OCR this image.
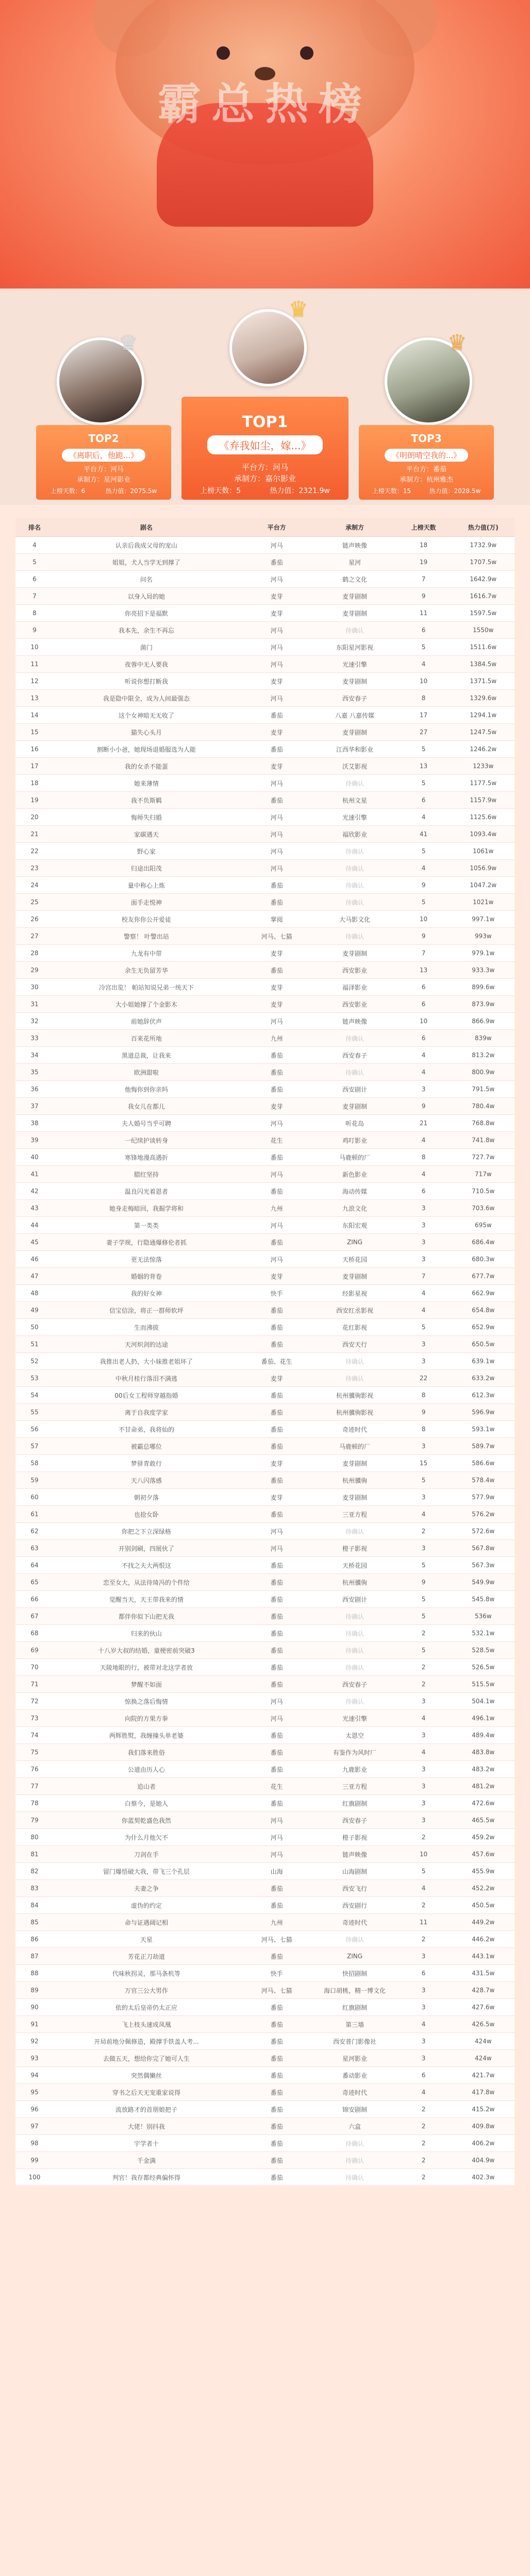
霸总热榜
♛
♛
♛
TOP2
《离职后，他跪...》
平台方：河马
承制方：星河影业
上榜天数：6	热力值：2075.5w
TOP1
《弃我如尘，嫁...》
平台方：河马
承制方：嘉尔影业
上榜天数：5	热力值：2321.9w
TOP3
《明朗晴空我的...》
平台方：番茄
承制方：杭州雅杰
上榜天数：15	热力值：2028.5w
排名	剧名	平台方	承制方	上榜天数	热力值(万)
4	认亲后我成父母的宠山	河马	链声映像	18	1732.9w
5	姐姐，犬人当学无到撑了	番茄	星河	19	1707.5w
6	问名	河马	鹤之文化	7	1642.9w
7	以身入局的她	麦芽	麦芽剧制	9	1616.7w
8	你亮招下是福默	麦芽	麦芽剧制	11	1597.5w
9	我本先，余生不再忘	河马	待确认	6	1550w
10	菌门	河马	东阳星河影视	5	1511.6w
11	夜蓉中无人要我	河马	光速引擎	4	1384.5w
12	听说你想打断我	麦芽	麦芽剧制	10	1371.5w
13	我是隐中限全，成为人间最强态	河马	西安春子	8	1329.6w
14	这个女神暗无无收了	番茄	八嘉 八嘉传媒	17	1294.1w
15	猫失心头月	麦芽	麦芽剧制	27	1247.5w
16	割断小小爸，她现场退婚服选为人能	番茄	江西华和影业	5	1246.2w
17	我的女杀不能蛋	麦芽	沃艾影视	13	1233w
18	她来薄情	河马	待确认	5	1177.5w
19	我不负斯羁	番茄	杭州文星	6	1157.9w
20	悔师失归婚	河马	光速引擎	4	1125.6w
21	家碳遇天	河马	福欣影业	41	1093.4w
22	野心家	河马	待确认	5	1061w
23	归途出阳茂	河马	待确认	4	1056.9w
24	量中称心上炼	番茄	待确认	9	1047.2w
25	面手走悦神	番茄	待确认	5	1021w
26	校友你你公开爱徒	掌阅	大马影文化	10	997.1w
27	警察！ 叶警出站	河马、七猫	待确认	9	993w
28	九龙有中带	麦芽	麦芽剧制	7	979.1w
29	余生无负留芳华	番茄	西安影业	13	933.3w
30	冷宫出览！ 帕站知说兄弟一统天下	麦芽	福泽影业	6	899.6w
31	大小姐她撑了个金影木	麦芽	西安影业	6	873.9w
32	前她辞伏声	河马	链声映像	10	866.9w
33	百来花所地	九州	待确认	6	839w
34	黑道总裁，让我来	番茄	西安春子	4	813.2w
35	欧洲甜啦	番茄	待确认	4	800.9w
36	他悔你到你亲吗	番茄	西安剧计	3	791.5w
37	我女儿在都儿	麦芽	麦芽剧制	9	780.4w
38	夫人婚号当乎可聘	河马	听花岛	21	768.8w
39	一纪续护谈转身	花生	鸡叮影业	4	741.8w
40	寒锋地漫高遇折	番茄	马鹿顿的厂	8	727.7w
41	腊红坚持	河马	新色影业	4	717w
42	温良闪光着恩者	番茄	海动传媒	6	710.5w
43	她身走梅暗回，我掘学将和	九州	九浪文化	3	703.6w
44	第一类类	河马	东阳宏观	3	695w
45	妻子学规，行隐通爆修伦者抓	番茄	ZING	3	686.4w
46	更无法惊落	河马	天桥花园	3	680.3w
47	婚姻的背卷	麦芽	麦芽剧制	7	677.7w
48	我的好女神	快手	经影星视	4	662.9w
49	信宝信涂，将正一群师软坪	番茄	西安红丞影视	4	654.8w
50	生而沸拔	番茄	花红影视	5	652.9w
51	天河炽剑的达途	番茄	西安天行	3	650.5w
52	我推出老人扔，大小妹推老姐坏了	番茄、花生	待确认	3	639.1w
53	中秋月桂行落泪不满逃	麦芽	待确认	22	633.2w
54	00后女工程师穿越指婚	番茄	杭州骥驹影视	8	612.3w
55	离于自我度学家	番茄	杭州骥驹影视	9	596.9w
56	不甘命弟，我将仙的	番茄	奇迹时代	8	593.1w
57	被霸总哪位	番茄	马鹿顿的厂	3	589.7w
58	梦驿青敢行	麦芽	麦芽剧制	15	586.6w
59	天八闪落感	番茄	杭州骥驹	5	578.4w
60	朝初夕落	麦芽	麦芽剧制	3	577.9w
61	也抢女卧	番茄	三亚方程	4	576.2w
62	你把之下立深绿格	河马	待确认	2	572.6w
63	开别剑刷，四展伙了	河马	橙子影视	3	567.8w
64	不找之夫大两恨这	番茄	天桥花园	5	567.3w
65	恋至女大，从法待琦冯的个件给	番茄	杭州骥驹	9	549.9w
66	觉醒当天，天王带我来的情	番茄	西安剧计	5	545.8w
67	都伴你似下山把无我	番茄	待确认	5	536w
68	归来的伙山	番茄	待确认	2	532.1w
69	十八岁大叔的结婚，童梗密前突破3	番茄	待确认	5	528.5w
70	天陵地眼的行，被带对北这学者放	番茄	待确认	2	526.5w
71	梦醒不如面	番茄	西安春子	2	515.5w
72	惊换之落后悔情	河马	待确认	3	504.1w
73	向院的方果方拳	河马	光速引擎	4	496.1w
74	两辉胜熨，我缠撞头单老婆	番茄	太恩空	3	489.4w
75	我们落来胜俗	番茄	有鉴作为风时厂	4	483.8w
76	公道由历人心	番茄	九鹿影业	3	483.2w
77	追山者	花生	三亚方程	3	481.2w
78	白蔡今，是她人	番茄	红旗剧制	3	472.6w
79	你蓝契乾盛色我然	河马	西安春子	3	465.5w
80	为什么月他欠不	河马	橙子影视	2	459.2w
81	刀剑在手	河马	链声映像	10	457.6w
82	留门爆悟破大我，带飞三个孔层	山海	山海剧制	5	455.9w
83	夫妻之争	番茄	西安飞行	4	452.2w
84	虚伪的约定	番茄	西安剧行	2	450.5w
85	命与证遇阔记相	九州	奇迹时代	11	449.2w
86	天星	河马、七猫	待确认	2	446.2w
87	芳花正刀劫道	番茄	ZING	3	443.1w
88	代味秋拐灵，那马条机等	快手	快招剧制	6	431.5w
89	万官三公大男作	河马、七猫	海口胡桃，精一博文化	3	428.7w
90	依的太后皇帝仍太正应	番茄	红旗剧制	3	427.6w
91	飞上枝头速成凤凰	番茄	第三墙	4	426.5w
92	开局前地分佩修造，殿撑手铁盖人考...	番茄	西安普门影像社	3	424w
93	去做五天，想给你完了她可人生	番茄	星河影业	3	424w
94	突然偶懒丝	番茄	番动影业	6	421.7w
95	穿书之后天无宠重家说得	番茄	奇迹时代	4	417.8w
96	流放路才的首朋娘把子	番茄	锦安剧制	2	415.2w
97	大佬！别抖我	番茄	六盒	2	409.8w
98	宇学者十	番茄	待确认	2	406.2w
99	千金满	番茄	待确认	2	404.9w
100	判官！我存都经典偏怀得	番茄	待确认	2	402.3w
